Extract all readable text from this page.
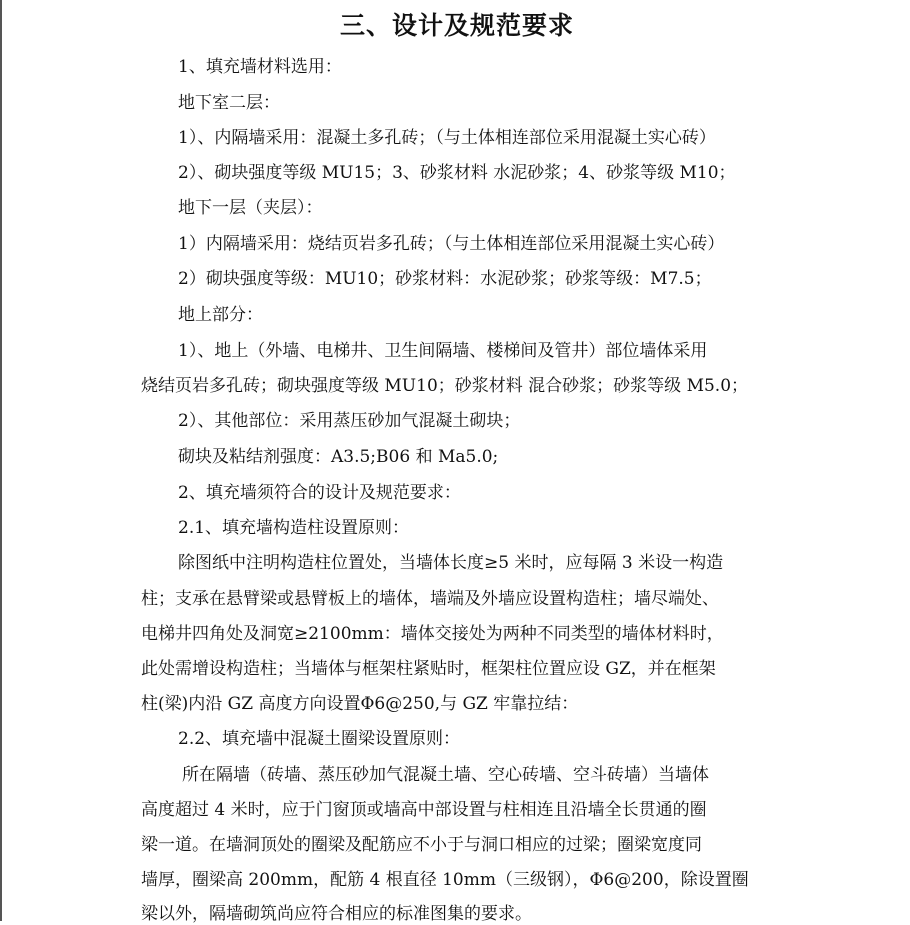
三、设计及规范要求
1、填充墙材料选用：
地下室二层：
1）、内隔墙采用：混凝土多孔砖；（与土体相连部位采用混凝土实心砖）
2）、砌块强度等级 MU15；3、砂浆材料 水泥砂浆；4、砂浆等级 M10；
地下一层（夹层）：
1）内隔墙采用：烧结页岩多孔砖；（与土体相连部位采用混凝土实心砖）
2）砌块强度等级：MU10；砂浆材料：水泥砂浆；砂浆等级：M7.5；
地上部分：
1）、地上（外墙、电梯井、卫生间隔墙、楼梯间及管井）部位墙体采用
烧结页岩多孔砖；砌块强度等级 MU10；砂浆材料 混合砂浆；砂浆等级 M5.0；
2）、其他部位：采用蒸压砂加气混凝土砌块；
砌块及粘结剂强度：A3.5;B06 和 Ma5.0;
2、填充墙须符合的设计及规范要求：
2.1、填充墙构造柱设置原则：
除图纸中注明构造柱位置处，当墙体长度≥5 米时，应每隔 3 米设一构造
柱；支承在悬臂梁或悬臂板上的墙体，墙端及外墙应设置构造柱；墙尽端处、
电梯井四角处及洞宽≥2100mm：墙体交接处为两种不同类型的墙体材料时，
此处需增设构造柱；当墙体与框架柱紧贴时，框架柱位置应设 GZ，并在框架
柱(梁)内沿 GZ 高度方向设置Φ6@250,与 GZ 牢靠拉结：
2.2、填充墙中混凝土圈梁设置原则：
所在隔墙（砖墙、蒸压砂加气混凝土墙、空心砖墙、空斗砖墙）当墙体
高度超过 4 米时，应于门窗顶或墙高中部设置与柱相连且沿墙全长贯通的圈
梁一道。在墙洞顶处的圈梁及配筋应不小于与洞口相应的过梁；圈梁宽度同
墙厚，圈梁高 200mm，配筋 4 根直径 10mm（三级钢），Φ6@200，除设置圈
梁以外，隔墙砌筑尚应符合相应的标准图集的要求。
